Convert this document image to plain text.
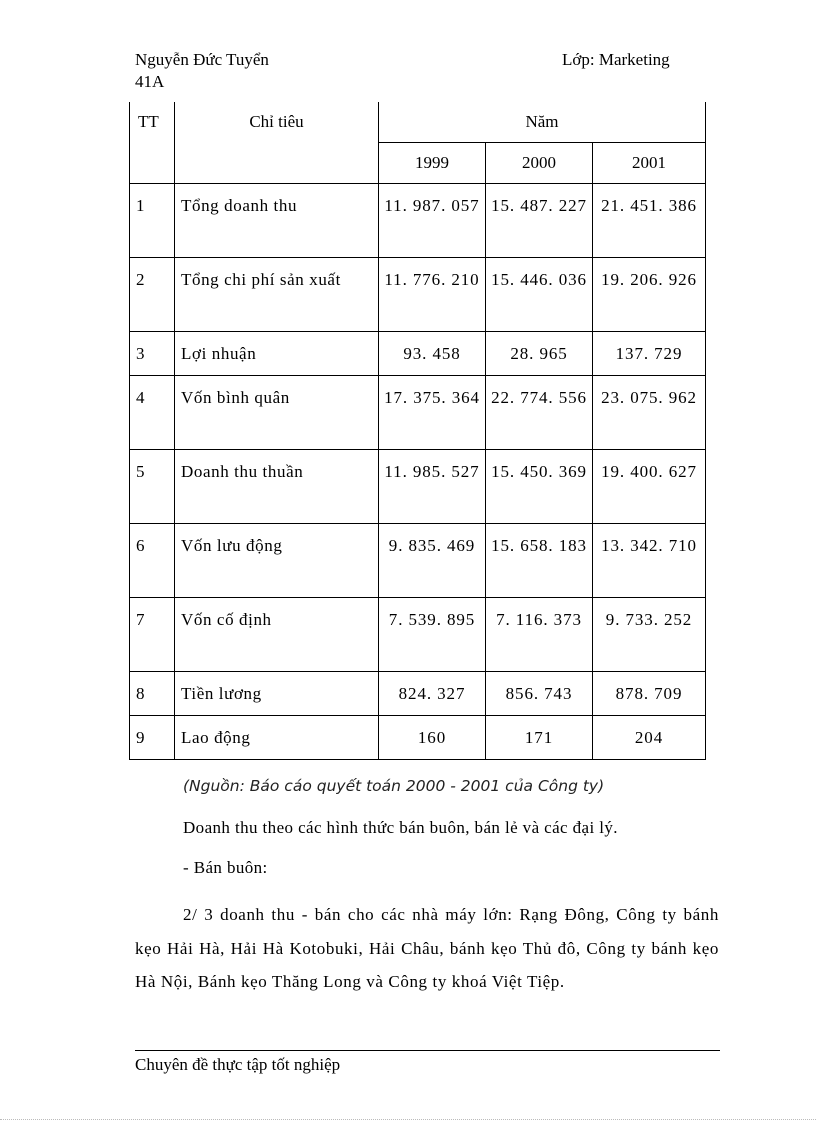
Nguyễn Đức Tuyển
41A
Lớp: Marketing
TT	Chỉ tiêu	Năm		

		1999	2000	2001

1	Tổng doanh thu	11. 987. 057	15. 487. 227	21. 451. 386

2	Tổng chi phí sản xuất	11. 776. 210	15. 446. 036	19. 206. 926

3	Lợi nhuận	93. 458	28. 965	137. 729

4	Vốn bình quân	17. 375. 364	22. 774. 556	23. 075. 962

5	Doanh thu thuần	11. 985. 527	15. 450. 369	19. 400. 627

6	Vốn lưu động	9. 835. 469	15. 658. 183	13. 342. 710

7	Vốn cố định	7. 539. 895	7. 116. 373	9. 733. 252

8	Tiền lương	824. 327	856. 743	878. 709

9	Lao động	160	171	204
(Nguồn: Báo cáo quyết toán 2000 - 2001 của Công ty)
Doanh thu theo các hình thức bán buôn, bán lẻ và các đại lý.
- Bán buôn:
2/ 3 doanh thu - bán cho các nhà máy lớn: Rạng Đông, Công ty bánh kẹo Hải Hà, Hải Hà Kotobuki, Hải Châu, bánh kẹo Thủ đô, Công ty bánh kẹo Hà Nội, Bánh kẹo Thăng Long và Công ty khoá Việt Tiệp.
Chuyên đề thực tập tốt nghiệp
